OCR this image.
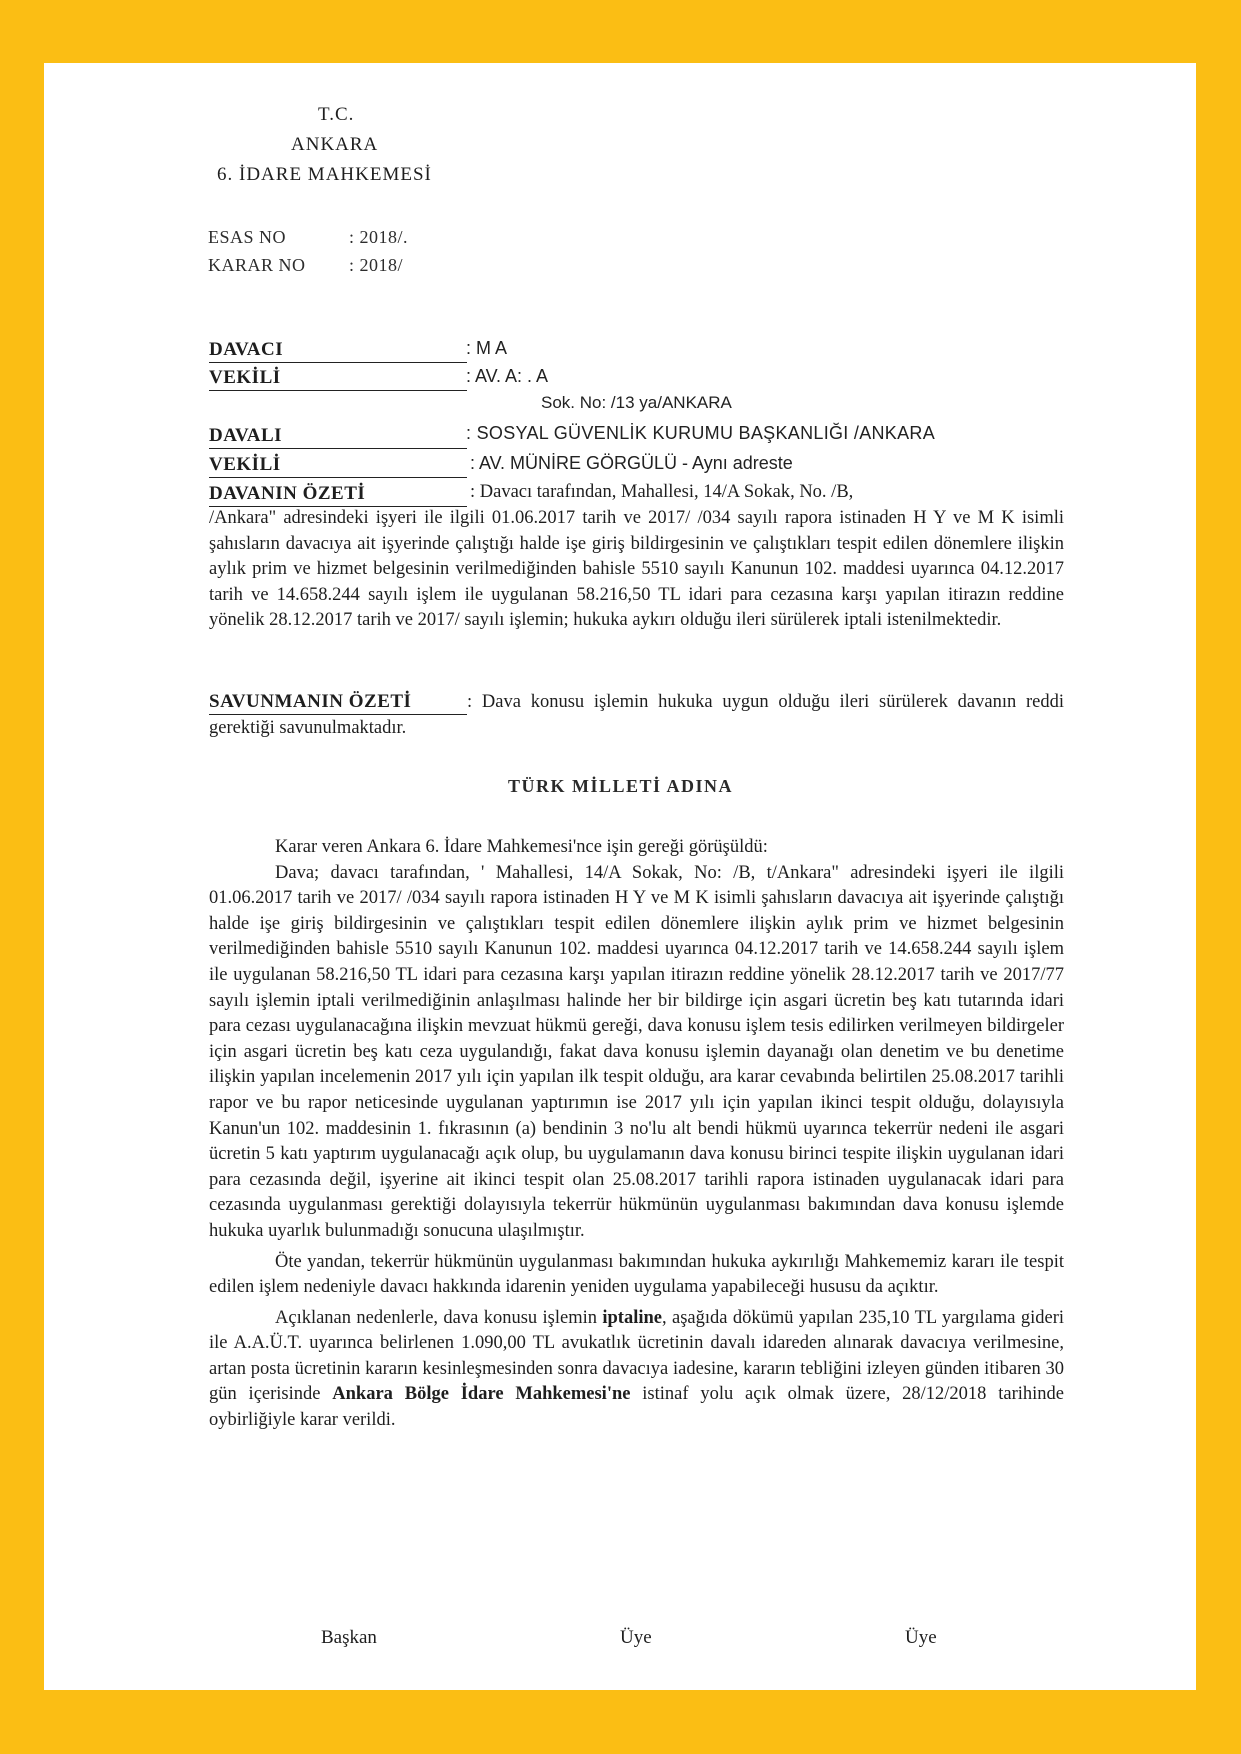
T.C.
ANKARA
6. İDARE MAHKEMESİ
ESAS NO	: 2018/.
KARAR NO : 2018/
DAVACI	: M A
VEKİLİ	: AV. A: . A
Sok. No: /13 ya/ANKARA
DAVALI	: SOSYAL GÜVENLİK KURUMU BAŞKANLIĞI /ANKARA
VEKİLİ	: AV. MÜNİRE GÖRGÜLÜ - Aynı adreste
DAVANIN ÖZETİ	: Davacı tarafından, Mahallesi, 14/A Sokak, No. /B,
/Ankara" adresindeki işyeri ile ilgili 01.06.2017 tarih ve 2017/ /034 sayılı rapora istinaden H Y ve M K isimli şahısların davacıya ait işyerinde çalıştığı halde işe giriş bildirgesinin ve çalıştıkları tespit edilen dönemlere ilişkin aylık prim ve hizmet belgesinin verilmediğinden bahisle 5510 sayılı Kanunun 102. maddesi uyarınca 04.12.2017 tarih ve 14.658.244 sayılı işlem ile uygulanan 58.216,50 TL idari para cezasına karşı yapılan itirazın reddine yönelik 28.12.2017 tarih ve 2017/ sayılı işlemin; hukuka aykırı olduğu ileri sürülerek iptali istenilmektedir.
SAVUNMANIN ÖZETİ	: Dava konusu işlemin hukuka uygun olduğu ileri sürülerek davanın reddi gerektiği savunulmaktadır.
TÜRK MİLLETİ ADINA

Karar veren Ankara 6. İdare Mahkemesi'nce işin gereği görüşüldü:

Dava; davacı tarafından, ' Mahallesi, 14/A Sokak, No: /B, t/Ankara" adresindeki işyeri ile ilgili 01.06.2017 tarih ve 2017/ /034 sayılı rapora istinaden H Y ve M K isimli şahısların davacıya ait işyerinde çalıştığı halde işe giriş bildirgesinin ve çalıştıkları tespit edilen dönemlere ilişkin aylık prim ve hizmet belgesinin verilmediğinden bahisle 5510 sayılı Kanunun 102. maddesi uyarınca 04.12.2017 tarih ve 14.658.244 sayılı işlem ile uygulanan 58.216,50 TL idari para cezasına karşı yapılan itirazın reddine yönelik 28.12.2017 tarih ve 2017/77 sayılı işlemin iptali verilmediğinin anlaşılması halinde her bir bildirge için asgari ücretin beş katı tutarında idari para cezası uygulanacağına ilişkin mevzuat hükmü gereği, dava konusu işlem tesis edilirken verilmeyen bildirgeler için asgari ücretin beş katı ceza uygulandığı, fakat dava konusu işlemin dayanağı olan denetim ve bu denetime ilişkin yapılan incelemenin 2017 yılı için yapılan ilk tespit olduğu, ara karar cevabında belirtilen 25.08.2017 tarihli rapor ve bu rapor neticesinde uygulanan yaptırımın ise 2017 yılı için yapılan ikinci tespit olduğu, dolayısıyla Kanun'un 102. maddesinin 1. fıkrasının (a) bendinin 3 no'lu alt bendi hükmü uyarınca tekerrür nedeni ile asgari ücretin 5 katı yaptırım uygulanacağı açık olup, bu uygulamanın dava konusu birinci tespite ilişkin uygulanan idari para cezasında değil, işyerine ait ikinci tespit olan 25.08.2017 tarihli rapora istinaden uygulanacak idari para cezasında uygulanması gerektiği dolayısıyla tekerrür hükmünün uygulanması bakımından dava konusu işlemde hukuka uyarlık bulunmadığı sonucuna ulaşılmıştır.

Öte yandan, tekerrür hükmünün uygulanması bakımından hukuka aykırılığı Mahkememiz kararı ile tespit edilen işlem nedeniyle davacı hakkında idarenin yeniden uygulama yapabileceği hususu da açıktır.

Açıklanan nedenlerle, dava konusu işlemin iptaline, aşağıda dökümü yapılan 235,10 TL yargılama gideri ile A.A.Ü.T. uyarınca belirlenen 1.090,00 TL avukatlık ücretinin davalı idareden alınarak davacıya verilmesine, artan posta ücretinin kararın kesinleşmesinden sonra davacıya iadesine, kararın tebliğini izleyen günden itibaren 30 gün içerisinde Ankara Bölge İdare Mahkemesi'ne istinaf yolu açık olmak üzere, 28/12/2018 tarihinde oybirliğiyle karar verildi.

Başkan	Üye	Üye
